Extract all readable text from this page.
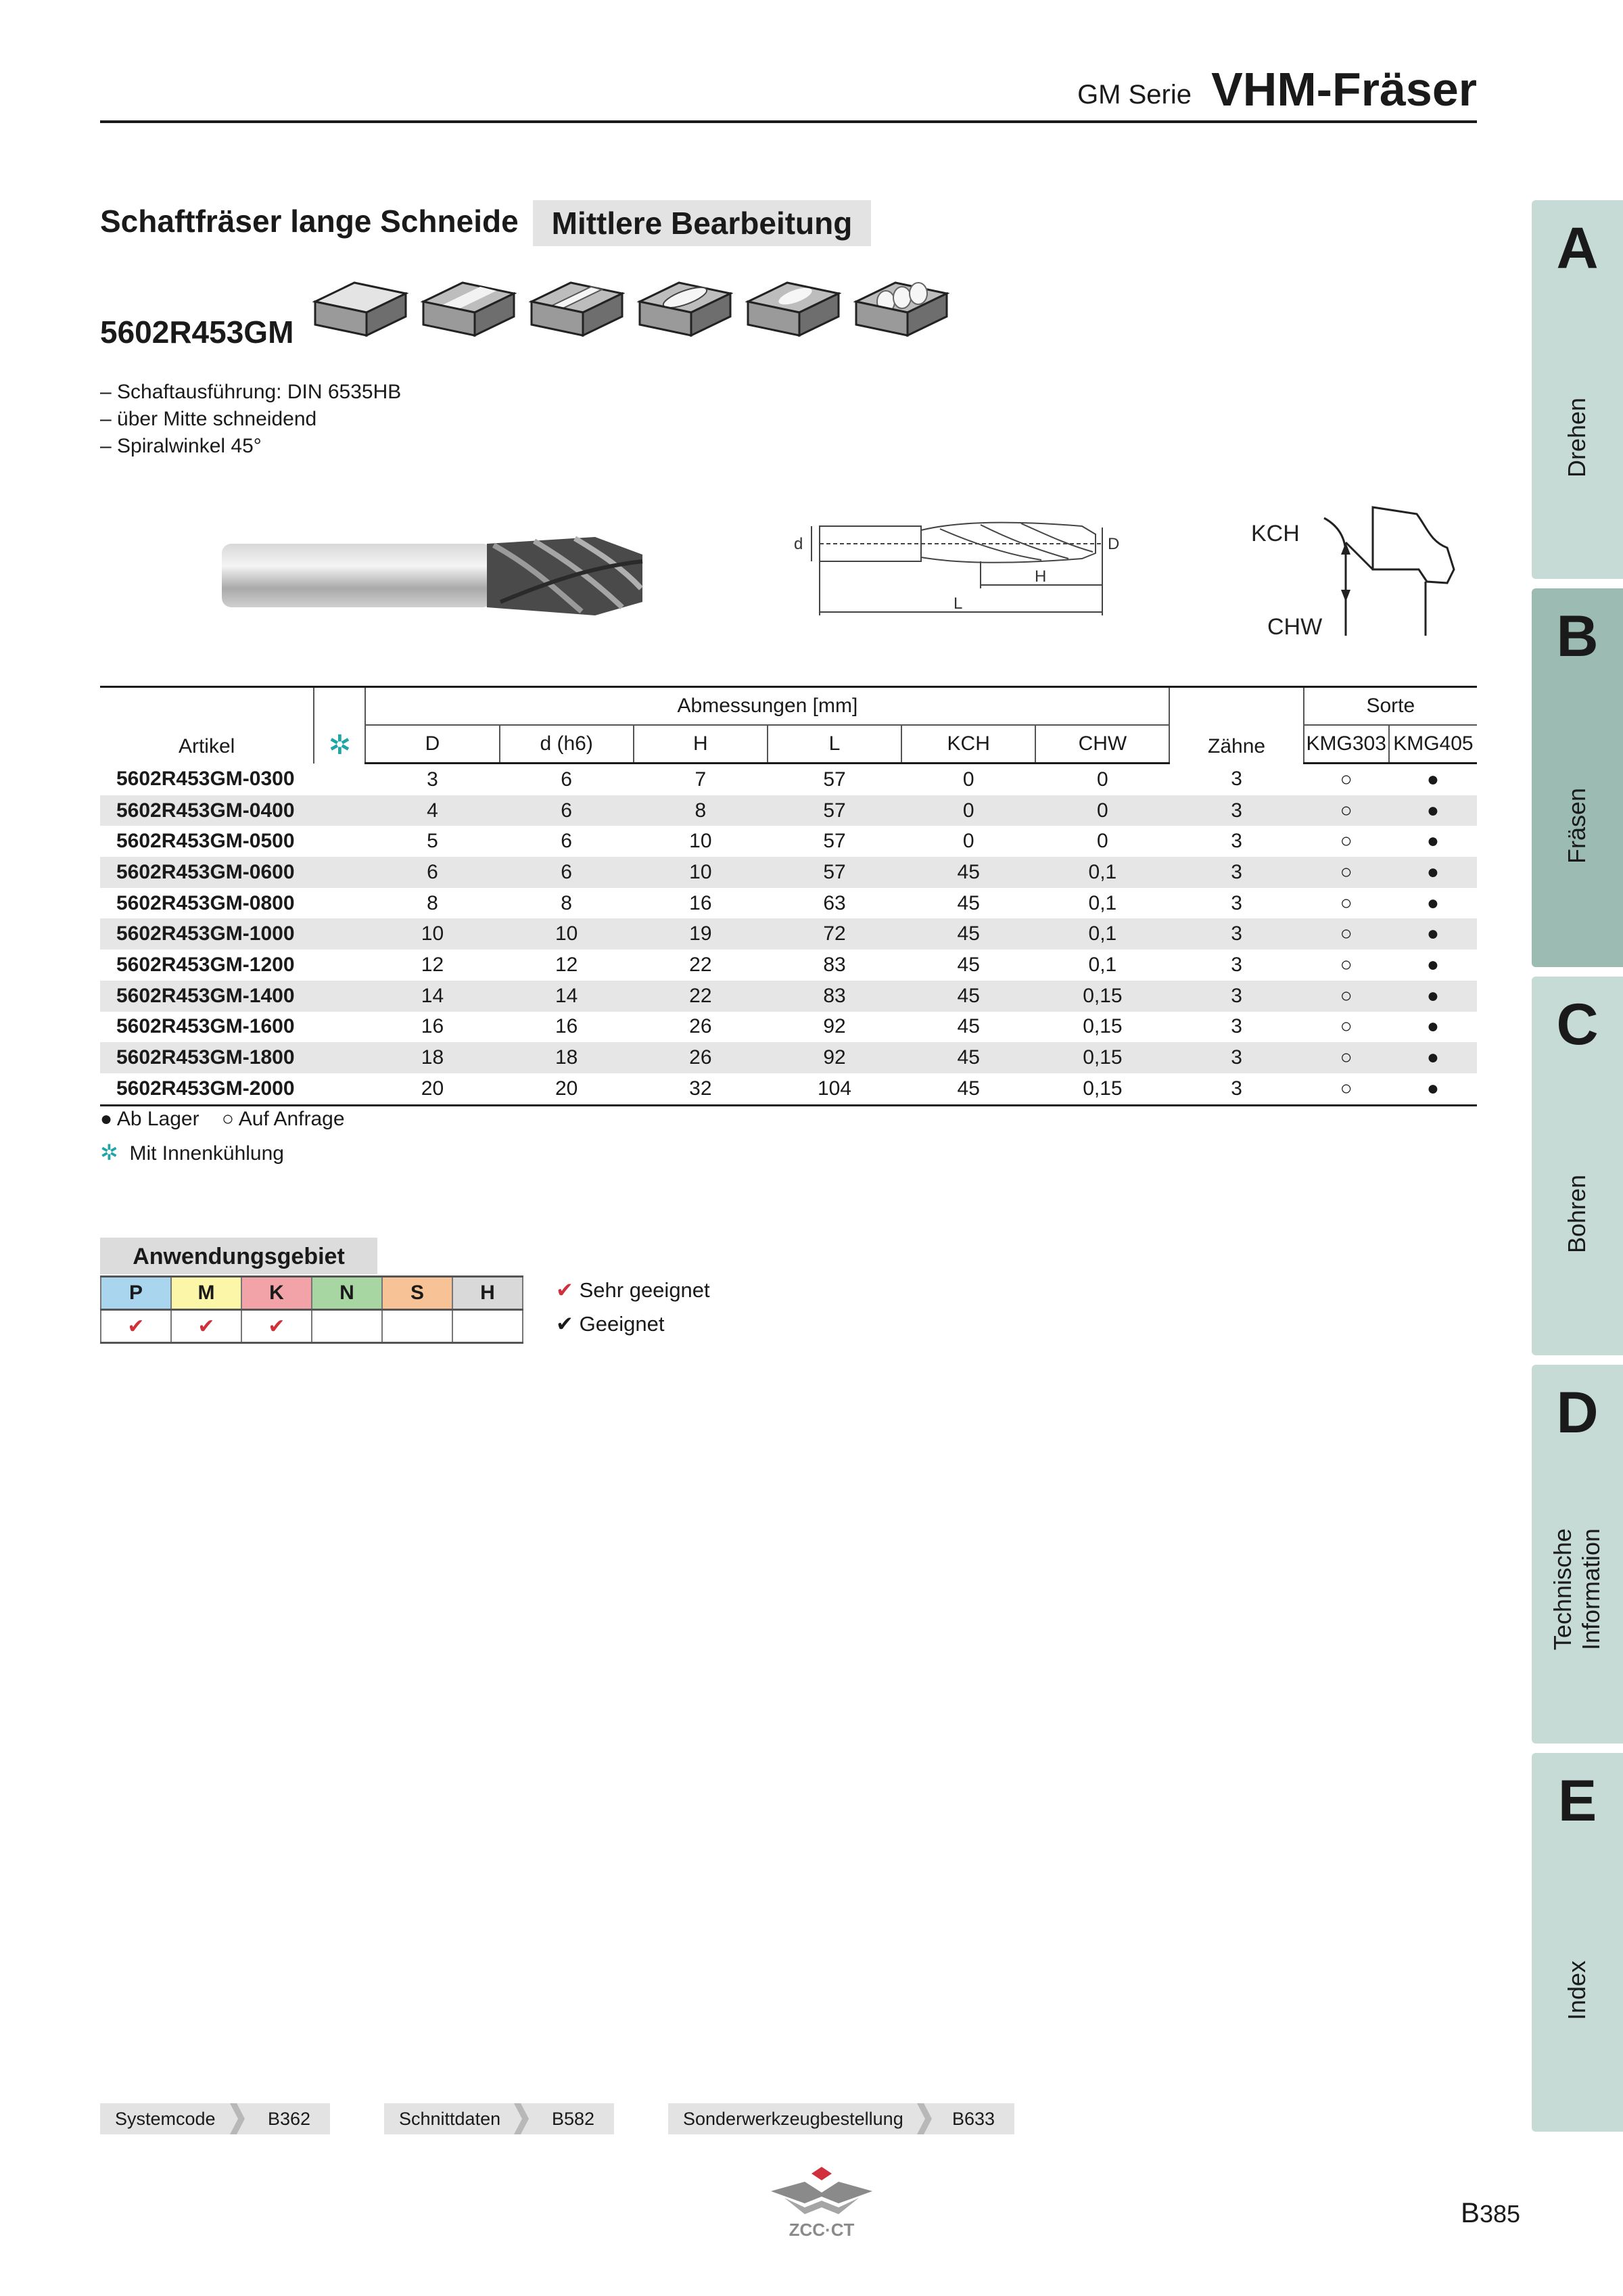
GM Serie VHM-Fräser
Schaftfräser lange Schneide	Mittlere Bearbeitung
5602R453GM
– Schaftausführung: DIN 6535HB
– über Mitte schneidend
– Spiralwinkel 45°
d	D
H
L
KCH
CHW
Artikel	✲	Abmessungen [mm]						Zähne	Sorte	
		D	d (h6)	H	L	KCH	CHW		KMG303	KMG405
5602R453GM-0300		3	6	7	57	0	0	3	○	●
5602R453GM-0400		4	6	8	57	0	0	3	○	●
5602R453GM-0500		5	6	10	57	0	0	3	○	●
5602R453GM-0600		6	6	10	57	45	0,1	3	○	●
5602R453GM-0800		8	8	16	63	45	0,1	3	○	●
5602R453GM-1000		10	10	19	72	45	0,1	3	○	●
5602R453GM-1200		12	12	22	83	45	0,1	3	○	●
5602R453GM-1400		14	14	22	83	45	0,15	3	○	●
5602R453GM-1600		16	16	26	92	45	0,15	3	○	●
5602R453GM-1800		18	18	26	92	45	0,15	3	○	●
5602R453GM-2000		20	20	32	104	45	0,15	3	○	●
● Ab Lager ○ Auf Anfrage
✲ Mit Innenkühlung
Anwendungsgebiet
P	M	K	N	S	H
✔	✔	✔			
✔ Sehr geeignet
✔ Geeignet
A
Drehen
B
Fräsen
C
Bohren
D
Technische Information
E
Index
Systemcode	B362	Schnittdaten	B582	Sonderwerkzeugbestellung	B633
ZCC·CT
B385
